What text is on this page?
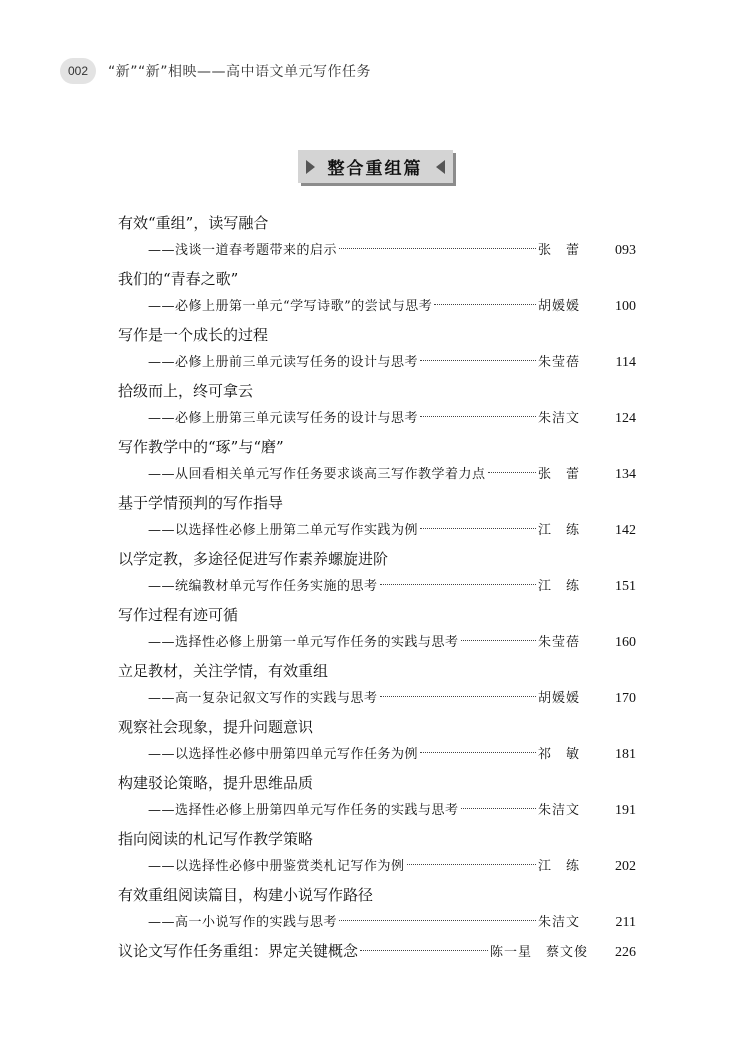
002	“新”“新”相映——高中语文单元写作任务
整合重组篇
有效“重组”，读写融合
——浅谈一道春考题带来的启示	张　蕾	093
我们的“青春之歌”
——必修上册第一单元“学写诗歌”的尝试与思考	胡媛媛	100
写作是一个成长的过程
——必修上册前三单元读写任务的设计与思考	朱莹蓓	114
拾级而上，终可拿云
——必修上册第三单元读写任务的设计与思考	朱洁文	124
写作教学中的“琢”与“磨”
——从回看相关单元写作任务要求谈高三写作教学着力点	张　蕾	134
基于学情预判的写作指导
——以选择性必修上册第二单元写作实践为例	江　练	142
以学定教，多途径促进写作素养螺旋进阶
——统编教材单元写作任务实施的思考	江　练	151
写作过程有迹可循
——选择性必修上册第一单元写作任务的实践与思考	朱莹蓓	160
立足教材，关注学情，有效重组
——高一复杂记叙文写作的实践与思考	胡媛媛	170
观察社会现象，提升问题意识
——以选择性必修中册第四单元写作任务为例	祁　敏	181
构建驳论策略，提升思维品质
——选择性必修上册第四单元写作任务的实践与思考	朱洁文	191
指向阅读的札记写作教学策略
——以选择性必修中册鉴赏类札记写作为例	江　练	202
有效重组阅读篇目，构建小说写作路径
——高一小说写作的实践与思考	朱洁文	211
议论文写作任务重组：界定关键概念	陈一星　蔡文俊	226
